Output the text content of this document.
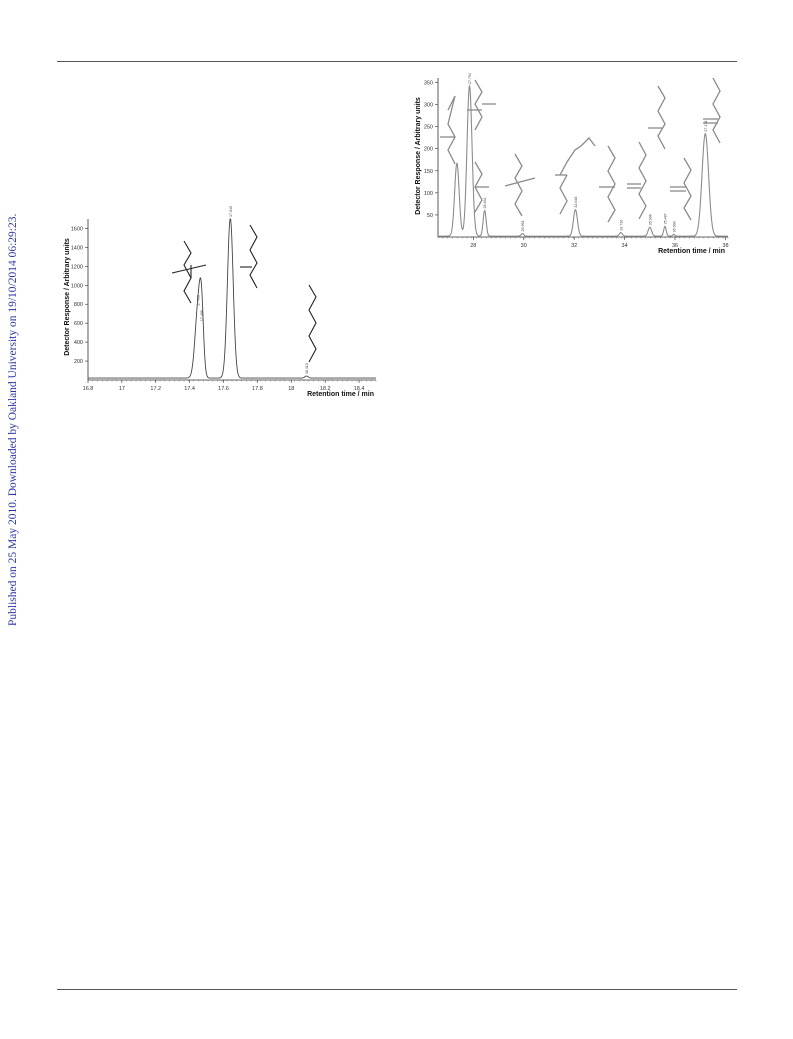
Published on 25 May 2010. Downloaded by Oakland University on 19/10/2014 06:29:23.	200
400
600
800
1000
1200
1400
1600
16.8	17	17.2	17.4	17.6	17.8	18	18.2	18.4
Detector Response / Arbitrary units
Retention time / min
17.450
17.486
17.640
18.110
50
100
150
200
250
300
350
28	30	32	34	36	38
Detector Response / Arbitrary units
Retention time / min
27.794
28.464
29.991
32.048
33.716	35.006	35.487
35.990
37.178
